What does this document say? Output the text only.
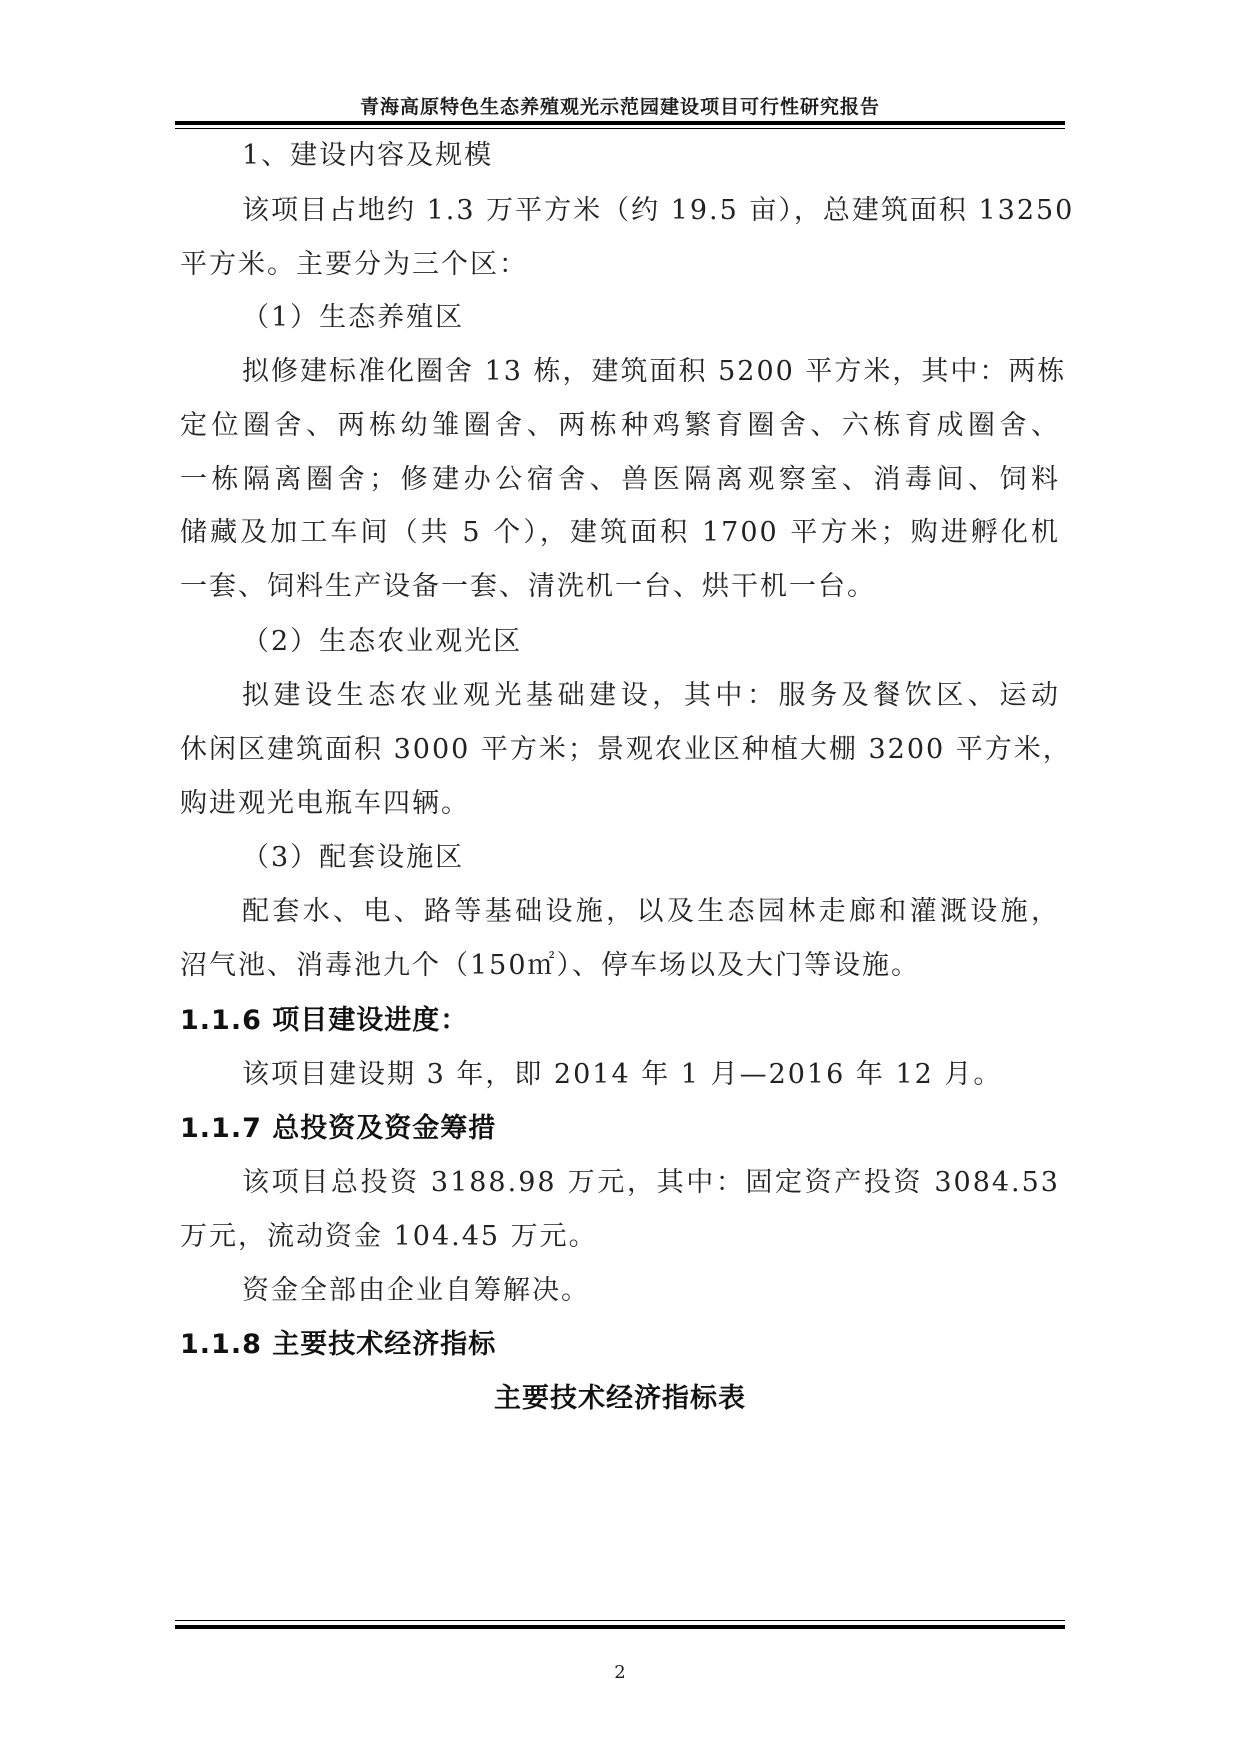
青海高原特色生态养殖观光示范园建设项目可行性研究报告
1、建设内容及规模
该项目占地约 1.3 万平方米（约 19.5 亩），总建筑面积 13250
平方米。主要分为三个区：
（1）生态养殖区
拟修建标准化圈舍 13 栋，建筑面积 5200 平方米，其中：两栋
定位圈舍、两栋幼雏圈舍、两栋种鸡繁育圈舍、六栋育成圈舍、
一栋隔离圈舍；修建办公宿舍、兽医隔离观察室、消毒间、饲料
储藏及加工车间（共 5 个），建筑面积 1700 平方米；购进孵化机
一套、饲料生产设备一套、清洗机一台、烘干机一台。
（2）生态农业观光区
拟建设生态农业观光基础建设，其中：服务及餐饮区、运动
休闲区建筑面积 3000 平方米；景观农业区种植大棚 3200 平方米，
购进观光电瓶车四辆。
（3）配套设施区
配套水、电、路等基础设施，以及生态园林走廊和灌溉设施，
沼气池、消毒池九个（150㎡）、停车场以及大门等设施。
1.1.6 项目建设进度：
该项目建设期 3 年，即 2014 年 1 月—2016 年 12 月。
1.1.7 总投资及资金筹措
该项目总投资 3188.98 万元，其中：固定资产投资 3084.53
万元，流动资金 104.45 万元。
资金全部由企业自筹解决。
1.1.8 主要技术经济指标
主要技术经济指标表
2
